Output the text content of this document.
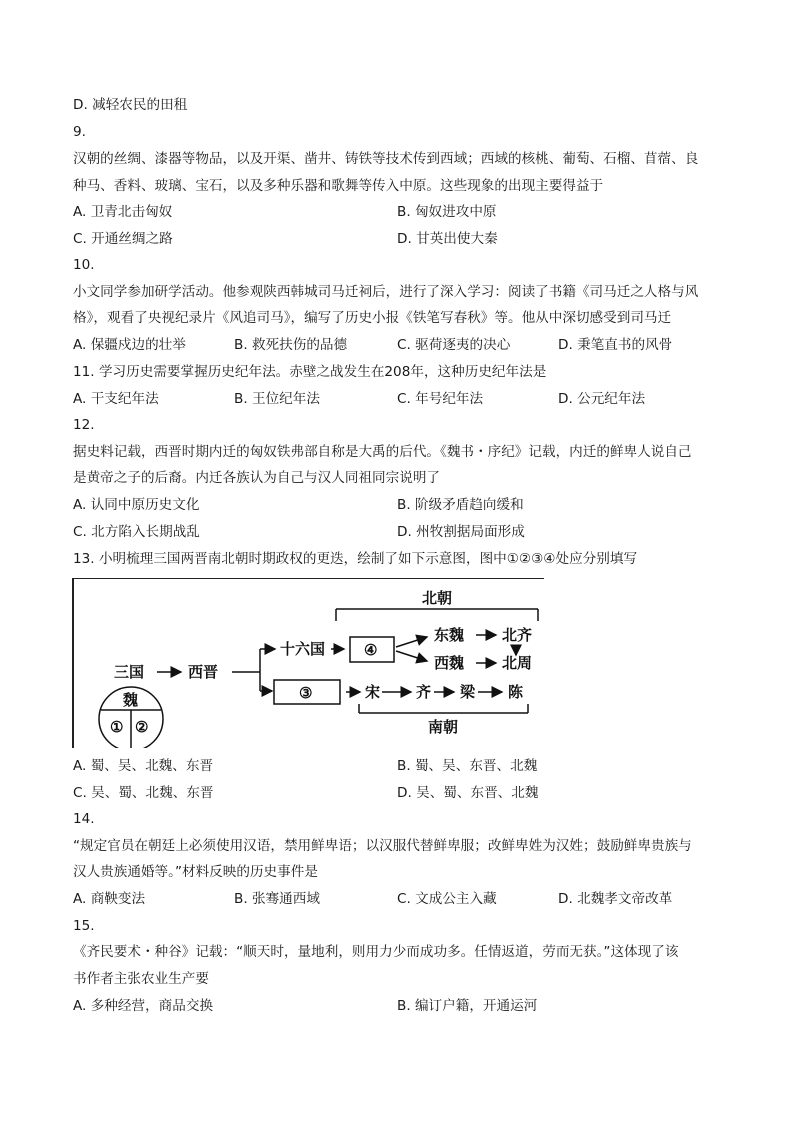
D. 减轻农民的田租
9.
汉朝的丝绸、漆器等物品，以及开渠、凿井、铸铁等技术传到西域；西域的核桃、葡萄、石榴、苜蓿、良
种马、香料、玻璃、宝石，以及多种乐器和歌舞等传入中原。这些现象的出现主要得益于
A. 卫青北击匈奴	B. 匈奴进攻中原
C. 开通丝绸之路	D. 甘英出使大秦
10.
小文同学参加研学活动。他参观陕西韩城司马迁祠后，进行了深入学习：阅读了书籍《司马迁之人格与风
格》，观看了央视纪录片《风追司马》，编写了历史小报《铁笔写春秋》等。他从中深切感受到司马迁
A. 保疆戍边的壮举	B. 救死扶伤的品德	C. 驱荷逐夷的决心	D. 秉笔直书的风骨
11. 学习历史需要掌握历史纪年法。赤壁之战发生在208年，这种历史纪年法是
A. 干支纪年法	B. 王位纪年法	C. 年号纪年法	D. 公元纪年法
12.
据史料记载，西晋时期内迁的匈奴铁弗部自称是大禹的后代。《魏书・序纪》记载，内迁的鲜卑人说自己
是黄帝之子的后裔。内迁各族认为自己与汉人同祖同宗说明了
A. 认同中原历史文化	B. 阶级矛盾趋向缓和
C. 北方陷入长期战乱	D. 州牧割据局面形成
13. 小明梳理三国两晋南北朝时期政权的更迭，绘制了如下示意图，图中①②③④处应分别填写
北朝
三国	西晋
十六国	④
东魏	北齐
西魏	北周
③	宋 齐 梁 陈
南朝
魏
① ②
A. 蜀、吴、北魏、东晋	B. 蜀、吴、东晋、北魏
C. 吴、蜀、北魏、东晋	D. 吴、蜀、东晋、北魏
14.
“规定官员在朝廷上必须使用汉语，禁用鲜卑语；以汉服代替鲜卑服；改鲜卑姓为汉姓；鼓励鲜卑贵族与
汉人贵族通婚等。”材料反映的历史事件是
A. 商鞅变法	B. 张骞通西域	C. 文成公主入藏	D. 北魏孝文帝改革
15.
《齐民要术・种谷》记载：“顺天时，量地利，则用力少而成功多。任情返道，劳而无获。”这体现了该
书作者主张农业生产要
A. 多种经营，商品交换	B. 编订户籍，开通运河
